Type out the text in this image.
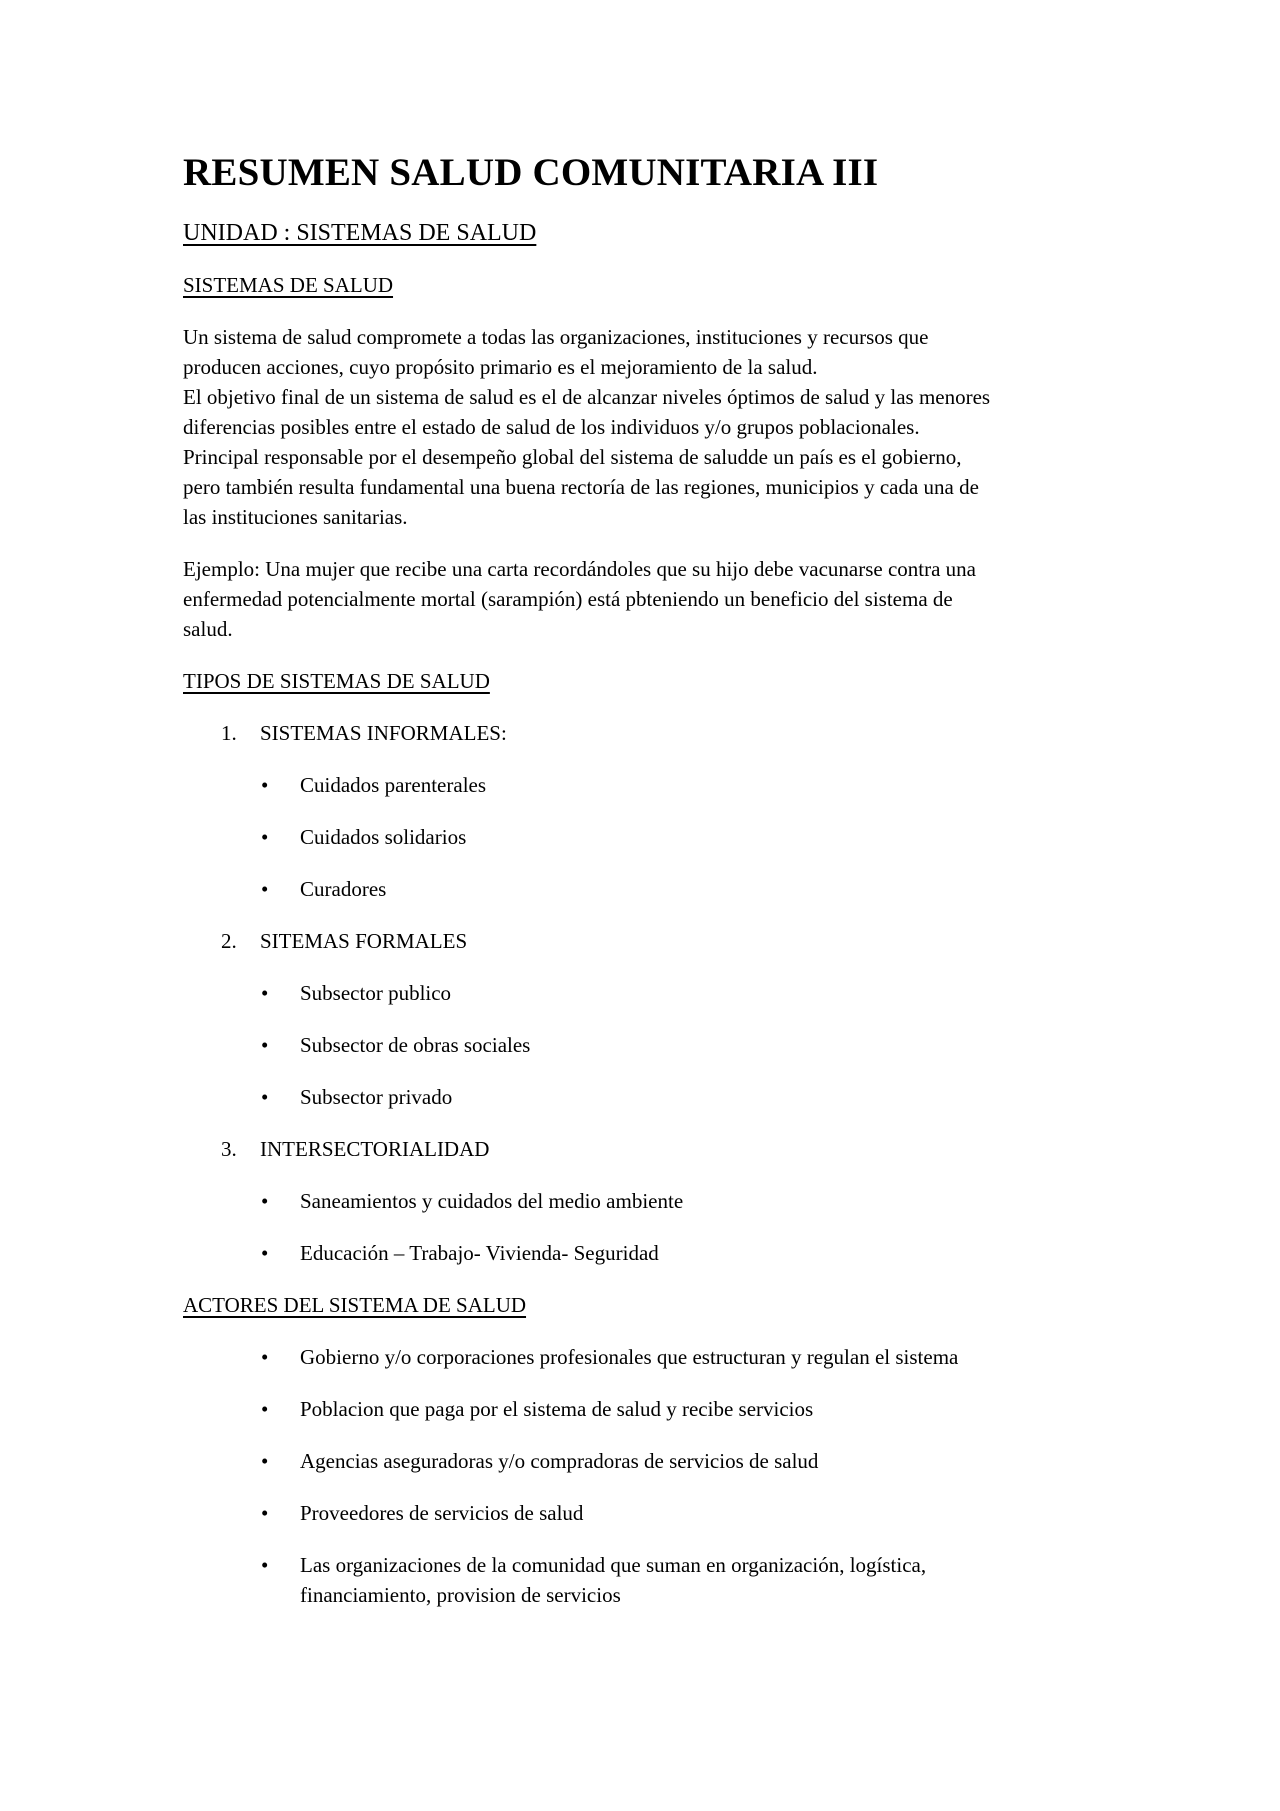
RESUMEN SALUD COMUNITARIA III
UNIDAD : SISTEMAS DE SALUD
SISTEMAS DE SALUD

Un sistema de salud compromete a todas las organizaciones, instituciones y recursos que
producen acciones, cuyo propósito primario es el mejoramiento de la salud.
El objetivo final de un sistema de salud es el de alcanzar niveles óptimos de salud y las menores
diferencias posibles entre el estado de salud de los individuos y/o grupos poblacionales.
Principal responsable por el desempeño global del sistema de saludde un país es el gobierno,
pero también resulta fundamental una buena rectoría de las regiones, municipios y cada una de
las instituciones sanitarias.

Ejemplo: Una mujer que recibe una carta recordándoles que su hijo debe vacunarse contra una
enfermedad potencialmente mortal (sarampión) está pbteniendo un beneficio del sistema de
salud.

TIPOS DE SISTEMAS DE SALUD
1.	SISTEMAS INFORMALES:
•	Cuidados parenterales
•	Cuidados solidarios
•	Curadores
2.	SITEMAS FORMALES
•	Subsector publico
•	Subsector de obras sociales
•	Subsector privado
3.	INTERSECTORIALIDAD
•	Saneamientos y cuidados del medio ambiente
•	Educación – Trabajo- Vivienda- Seguridad
ACTORES DEL SISTEMA DE SALUD
•	Gobierno y/o corporaciones profesionales que estructuran y regulan el sistema
•	Poblacion que paga por el sistema de salud y recibe servicios
•	Agencias aseguradoras y/o compradoras de servicios de salud
•	Proveedores de servicios de salud
•	Las organizaciones de la comunidad que suman en organización, logística, financiamiento, provision de servicios
